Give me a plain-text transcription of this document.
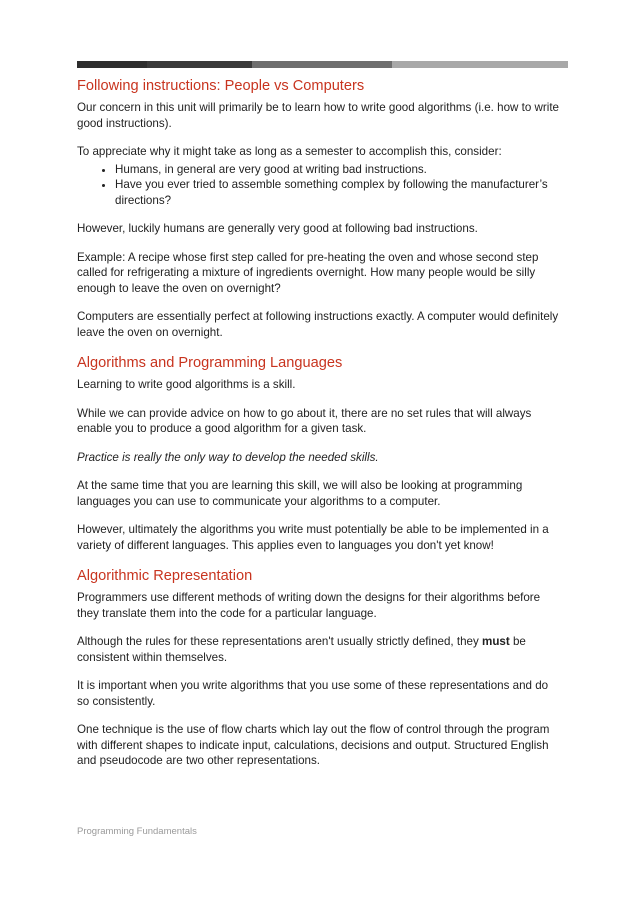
Following instructions: People vs Computers

Our concern in this unit will primarily be to learn how to write good algorithms (i.e. how to write good instructions).

To appreciate why it might take as long as a semester to accomplish this, consider:

• Humans, in general are very good at writing bad instructions.
• Have you ever tried to assemble something complex by following the manufacturer’s directions?

However, luckily humans are generally very good at following bad instructions.

Example: A recipe whose first step called for pre-heating the oven and whose second step called for refrigerating a mixture of ingredients overnight. How many people would be silly enough to leave the oven on overnight?

Computers are essentially perfect at following instructions exactly. A computer would definitely leave the oven on overnight.

Algorithms and Programming Languages

Learning to write good algorithms is a skill.

While we can provide advice on how to go about it, there are no set rules that will always enable you to produce a good algorithm for a given task.

Practice is really the only way to develop the needed skills.

At the same time that you are learning this skill, we will also be looking at programming languages you can use to communicate your algorithms to a computer.

However, ultimately the algorithms you write must potentially be able to be implemented in a variety of different languages. This applies even to languages you don't yet know!

Algorithmic Representation

Programmers use different methods of writing down the designs for their algorithms before they translate them into the code for a particular language.

Although the rules for these representations aren't usually strictly defined, they must be consistent within themselves.

It is important when you write algorithms that you use some of these representations and do so consistently.

One technique is the use of flow charts which lay out the flow of control through the program with different shapes to indicate input, calculations, decisions and output. Structured English and pseudocode are two other representations.

Programming Fundamentals
